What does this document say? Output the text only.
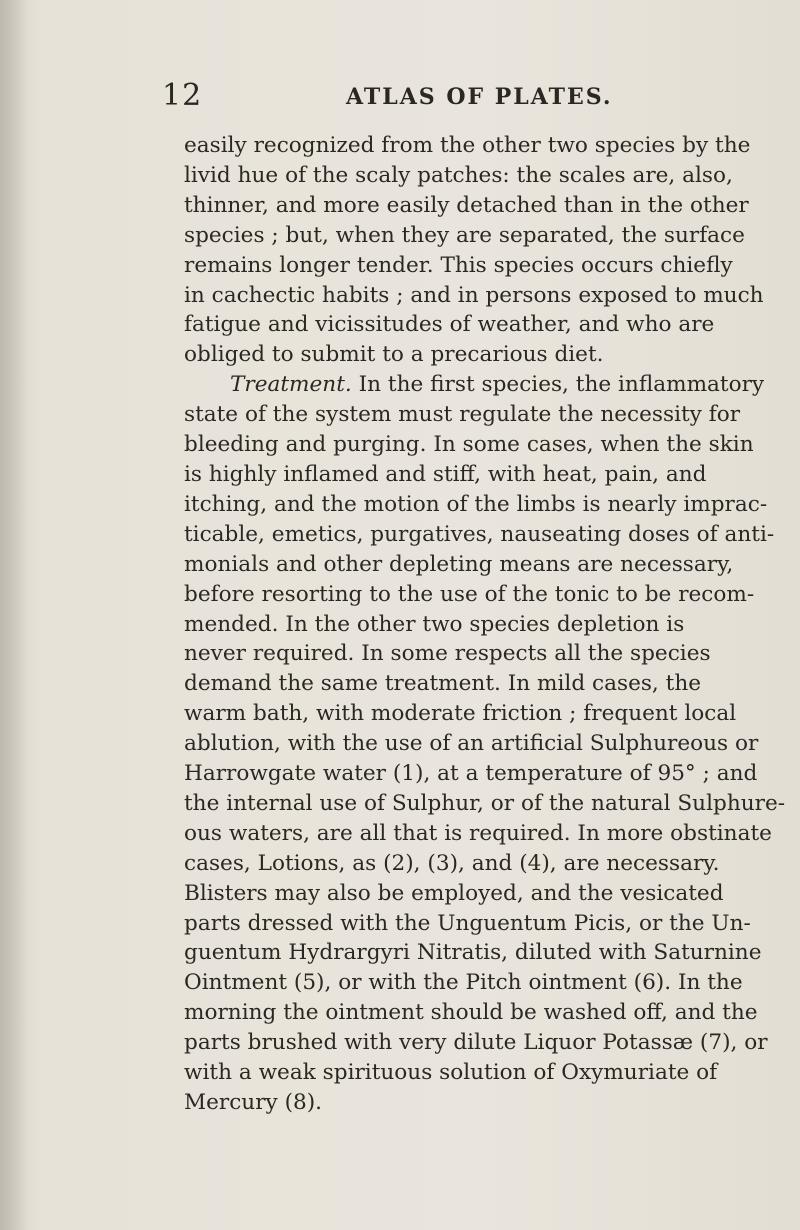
12	ATLAS OF PLATES.
easily recognized from the other two species by the
livid hue of the scaly patches: the scales are, also,
thinner, and more easily detached than in the other
species ; but, when they are separated, the surface
remains longer tender. This species occurs chiefly
in cachectic habits ; and in persons exposed to much
fatigue and vicissitudes of weather, and who are
obliged to submit to a precarious diet.
Treatment. In the first species, the inflammatory
state of the system must regulate the necessity for
bleeding and purging. In some cases, when the skin
is highly inflamed and stiff, with heat, pain, and
itching, and the motion of the limbs is nearly imprac-
ticable, emetics, purgatives, nauseating doses of anti-
monials and other depleting means are necessary,
before resorting to the use of the tonic to be recom-
mended. In the other two species depletion is
never required. In some respects all the species
demand the same treatment. In mild cases, the
warm bath, with moderate friction ; frequent local
ablution, with the use of an artificial Sulphureous or
Harrowgate water (1), at a temperature of 95° ; and
the internal use of Sulphur, or of the natural Sulphure-
ous waters, are all that is required. In more obstinate
cases, Lotions, as (2), (3), and (4), are necessary.
Blisters may also be employed, and the vesicated
parts dressed with the Unguentum Picis, or the Un-
guentum Hydrargyri Nitratis, diluted with Saturnine
Ointment (5), or with the Pitch ointment (6). In the
morning the ointment should be washed off, and the
parts brushed with very dilute Liquor Potassæ (7), or
with a weak spirituous solution of Oxymuriate of
Mercury (8).
